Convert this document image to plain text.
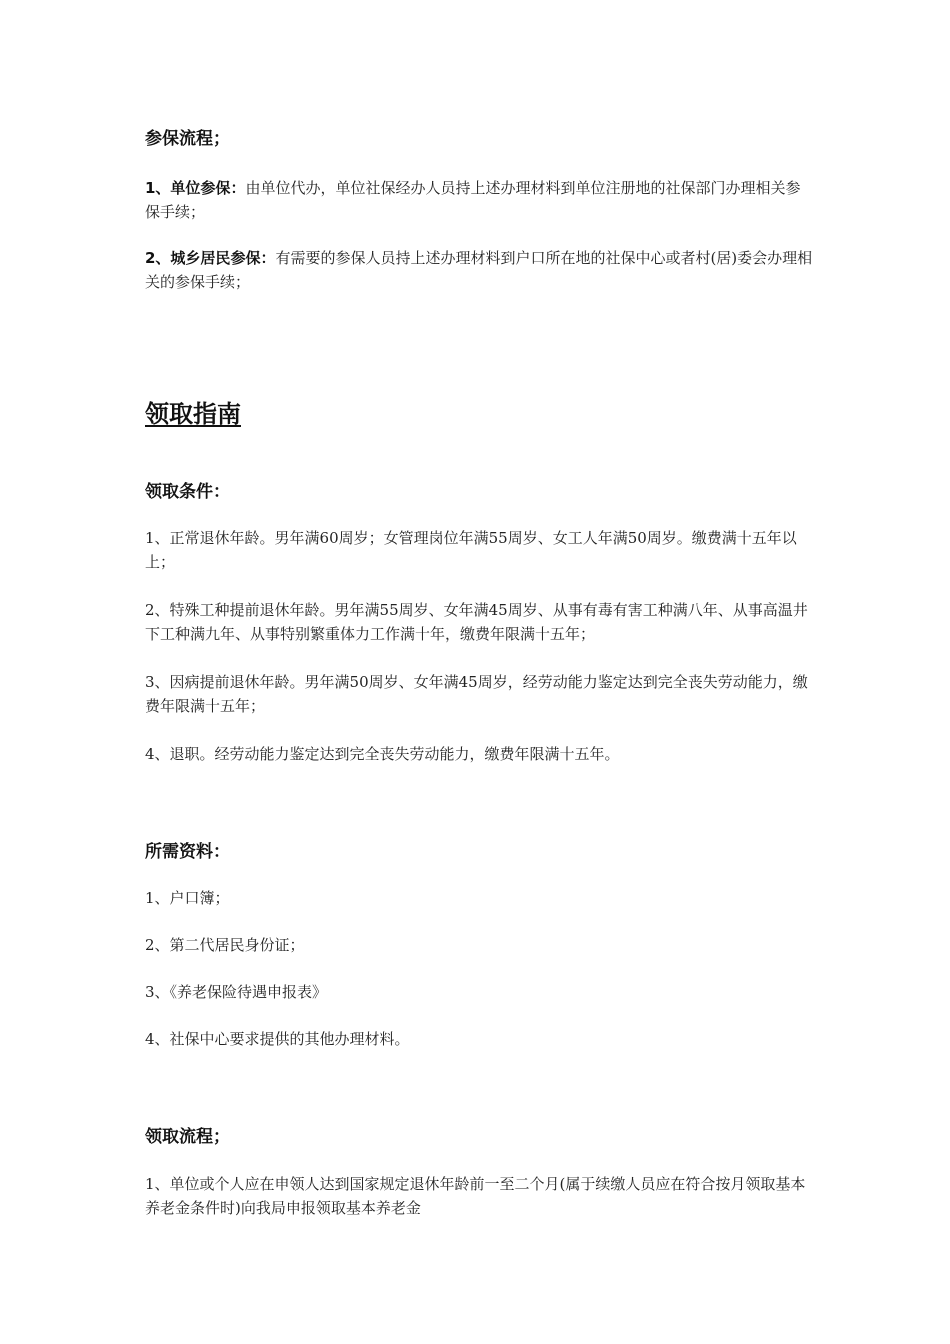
参保流程；
1、单位参保：由单位代办，单位社保经办人员持上述办理材料到单位注册地的社保部门办理相关参保手续；
2、城乡居民参保：有需要的参保人员持上述办理材料到户口所在地的社保中心或者村(居)委会办理相关的参保手续；
领取指南
领取条件：
1、正常退休年龄。男年满60周岁；女管理岗位年满55周岁、女工人年满50周岁。缴费满十五年以上；
2、特殊工种提前退休年龄。男年满55周岁、女年满45周岁、从事有毒有害工种满八年、从事高温井下工种满九年、从事特别繁重体力工作满十年，缴费年限满十五年；
3、因病提前退休年龄。男年满50周岁、女年满45周岁，经劳动能力鉴定达到完全丧失劳动能力，缴费年限满十五年；
4、退职。经劳动能力鉴定达到完全丧失劳动能力，缴费年限满十五年。
所需资料：
1、户口簿；
2、第二代居民身份证；
3、《养老保险待遇申报表》
4、社保中心要求提供的其他办理材料。
领取流程；
1、单位或个人应在申领人达到国家规定退休年龄前一至二个月(属于续缴人员应在符合按月领取基本养老金条件时)向我局申报领取基本养老金
